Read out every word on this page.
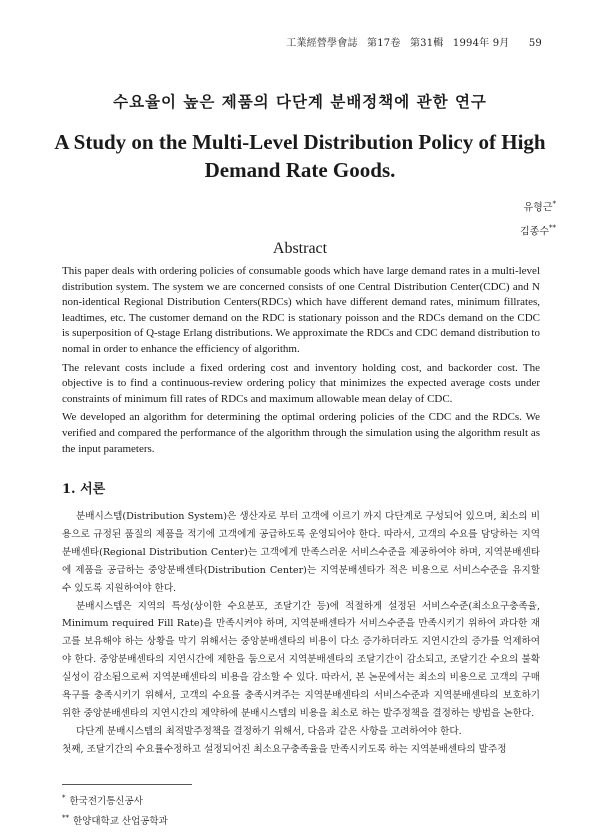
工業經營學會誌 第17卷 第31輯 1994年 9月 59
수요율이 높은 제품의 다단계 분배정책에 관한 연구
A Study on the Multi-Level Distribution Policy of High Demand Rate Goods.
유형근*
김종수**
Abstract

This paper deals with ordering policies of consumable goods which have large demand rates in a multi-level distribution system. The system we are concerned consists of one Central Distribution Center(CDC) and N non-identical Regional Distribution Centers(RDCs) which have different demand rates, minimum fillrates, leadtimes, etc. The customer demand on the RDC is stationary poisson and the RDCs demand on the CDC is superposition of Q-stage Erlang distributions. We approximate the RDCs and CDC demand distribution to nomal in order to enhance the efficiency of algorithm.

The relevant costs include a fixed ordering cost and inventory holding cost, and backorder cost. The objective is to find a continuous-review ordering policy that minimizes the expected average costs under constraints of minimum fill rates of RDCs and maximum allowable mean delay of CDC.

We developed an algorithm for determining the optimal ordering policies of the CDC and the RDCs. We verified and compared the performance of the algorithm through the simulation using the algorithm result as the input parameters.

1. 서론

분배시스템(Distribution System)은 생산자로 부터 고객에 이르기 까지 다단계로 구성되어 있으며, 최소의 비용으로 규정된 품질의 제품을 적기에 고객에게 공급하도록 운영되어야 한다. 따라서, 고객의 수요를 담당하는 지역분배센타(Regional Distribution Center)는 고객에게 만족스러운 서비스수준을 제공하여야 하며, 지역분배센타에 제품을 공급하는 중앙분배센타(Distribution Center)는 지역분배센타가 적은 비용으로 서비스수준을 유지할 수 있도록 지원하여야 한다.

분배시스템은 지역의 특성(상이한 수요분포, 조달기간 등)에 적절하게 설정된 서비스수준(최소요구충족율, Minimum required Fill Rate)을 만족시켜야 하며, 지역분배센타가 서비스수준을 만족시키기 위하여 과다한 재고를 보유해야 하는 상황을 막기 위해서는 중앙분배센타의 비용이 다소 증가하더라도 지연시간의 증가를 억제하여야 한다. 중앙분배센타의 지연시간에 제한을 둠으로서 지역분배센타의 조달기간이 감소되고, 조달기간 수요의 불확실성이 감소됨으로써 지역분배센타의 비용을 감소할 수 있다. 따라서, 본 논문에서는 최소의 비용으로 고객의 구매욕구를 충족시키기 위해서, 고객의 수요를 충족시켜주는 지역분배센타의 서비스수준과 지역분배센타의 보호하기 위한 중앙분배센타의 지연시간의 제약하에 분배시스템의 비용을 최소로 하는 발주정책을 결정하는 방법을 논한다.

다단계 분배시스템의 최적발주정책을 결정하기 위해서, 다음과 같은 사항을 고려하여야 한다.

첫째, 조달기간의 수요률수정하고 설정되어진 최소요구충족율을 만족시키도록 하는 지역분배센타의 발주정

* 한국전기통신공사
** 한양대학교 산업공학과
